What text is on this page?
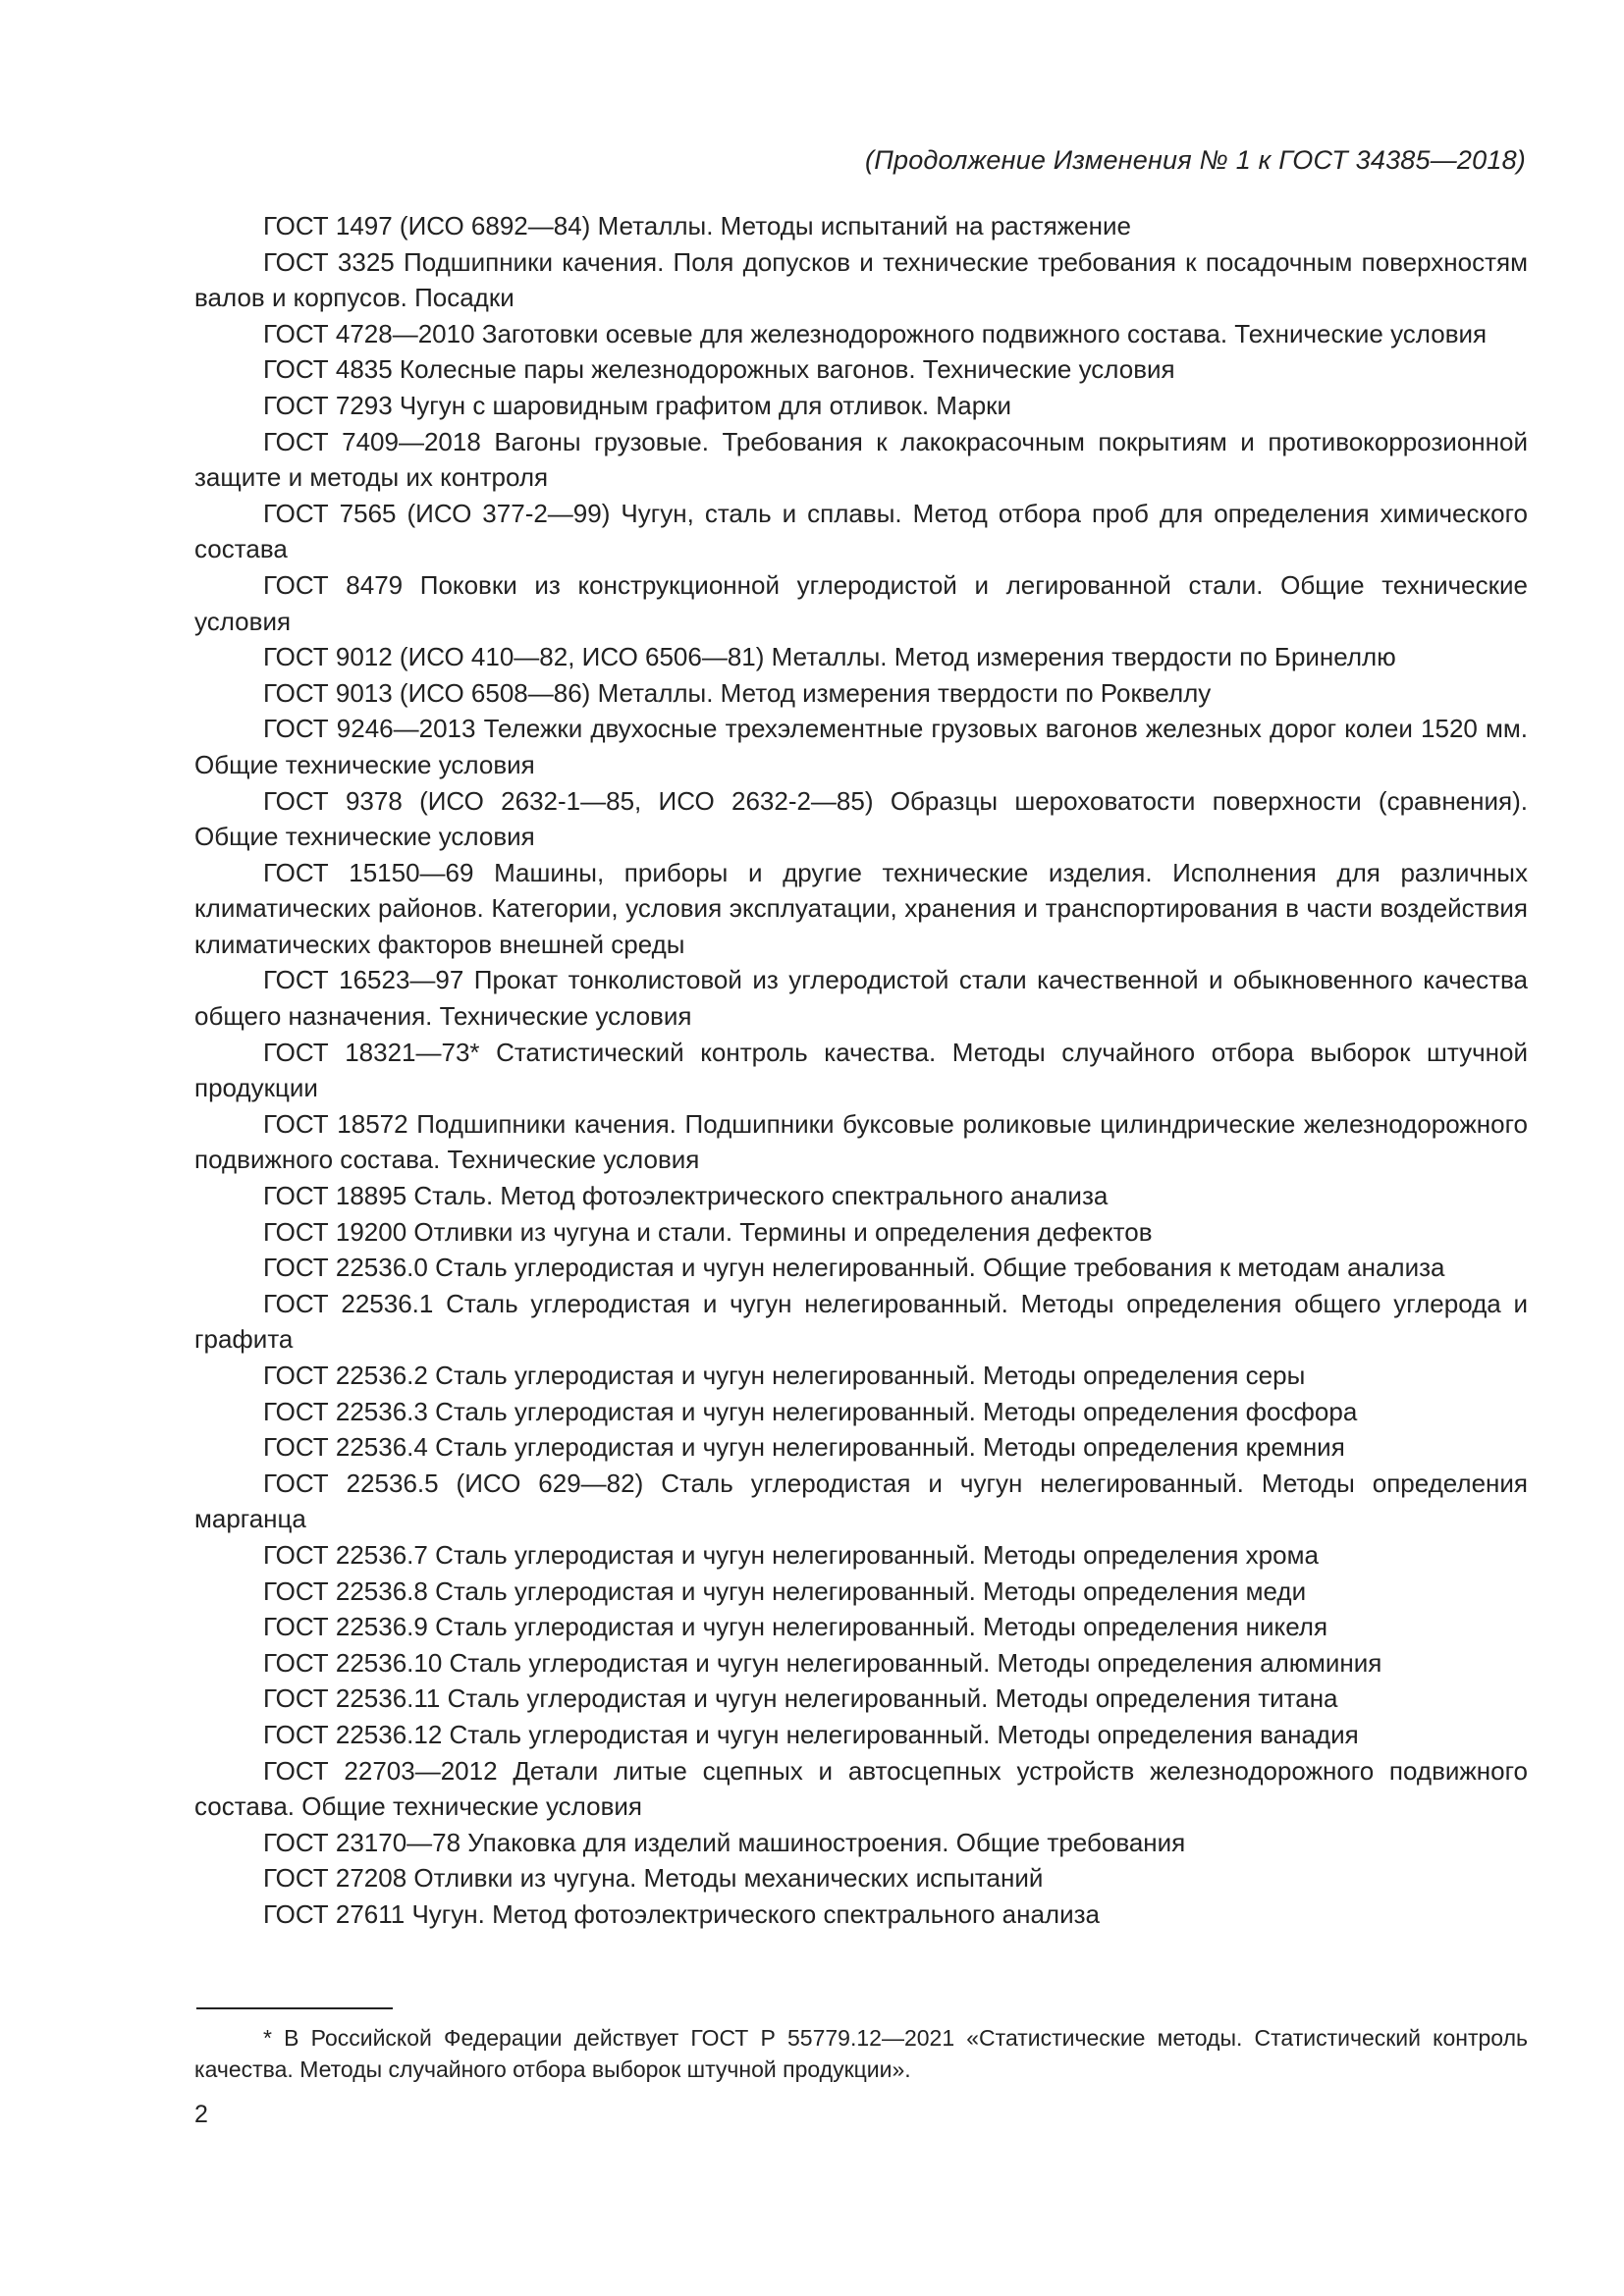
(Продолжение Изменения № 1 к ГОСТ 34385—2018)

ГОСТ 1497 (ИСО 6892—84) Металлы. Методы испытаний на растяжение

ГОСТ 3325 Подшипники качения. Поля допусков и технические требования к посадочным поверхностям валов и корпусов. Посадки

ГОСТ 4728—2010 Заготовки осевые для железнодорожного подвижного состава. Технические условия

ГОСТ 4835 Колесные пары железнодорожных вагонов. Технические условия

ГОСТ 7293 Чугун с шаровидным графитом для отливок. Марки

ГОСТ 7409—2018 Вагоны грузовые. Требования к лакокрасочным покрытиям и противокоррозионной защите и методы их контроля

ГОСТ 7565 (ИСО 377-2—99) Чугун, сталь и сплавы. Метод отбора проб для определения химического состава

ГОСТ 8479 Поковки из конструкционной углеродистой и легированной стали. Общие технические условия

ГОСТ 9012 (ИСО 410—82, ИСО 6506—81) Металлы. Метод измерения твердости по Бринеллю

ГОСТ 9013 (ИСО 6508—86) Металлы. Метод измерения твердости по Роквеллу

ГОСТ 9246—2013 Тележки двухосные трехэлементные грузовых вагонов железных дорог колеи 1520 мм. Общие технические условия

ГОСТ 9378 (ИСО 2632-1—85, ИСО 2632-2—85) Образцы шероховатости поверхности (сравнения). Общие технические условия

ГОСТ 15150—69 Машины, приборы и другие технические изделия. Исполнения для различных климатических районов. Категории, условия эксплуатации, хранения и транспортирования в части воздействия климатических факторов внешней среды

ГОСТ 16523—97 Прокат тонколистовой из углеродистой стали качественной и обыкновенного качества общего назначения. Технические условия

ГОСТ 18321—73* Статистический контроль качества. Методы случайного отбора выборок штучной продукции

ГОСТ 18572 Подшипники качения. Подшипники буксовые роликовые цилиндрические железнодорожного подвижного состава. Технические условия

ГОСТ 18895 Сталь. Метод фотоэлектрического спектрального анализа

ГОСТ 19200 Отливки из чугуна и стали. Термины и определения дефектов

ГОСТ 22536.0 Сталь углеродистая и чугун нелегированный. Общие требования к методам анализа

ГОСТ 22536.1 Сталь углеродистая и чугун нелегированный. Методы определения общего углерода и графита

ГОСТ 22536.2 Сталь углеродистая и чугун нелегированный. Методы определения серы

ГОСТ 22536.3 Сталь углеродистая и чугун нелегированный. Методы определения фосфора

ГОСТ 22536.4 Сталь углеродистая и чугун нелегированный. Методы определения кремния

ГОСТ 22536.5 (ИСО 629—82) Сталь углеродистая и чугун нелегированный. Методы определения марганца

ГОСТ 22536.7 Сталь углеродистая и чугун нелегированный. Методы определения хрома

ГОСТ 22536.8 Сталь углеродистая и чугун нелегированный. Методы определения меди

ГОСТ 22536.9 Сталь углеродистая и чугун нелегированный. Методы определения никеля

ГОСТ 22536.10 Сталь углеродистая и чугун нелегированный. Методы определения алюминия

ГОСТ 22536.11 Сталь углеродистая и чугун нелегированный. Методы определения титана

ГОСТ 22536.12 Сталь углеродистая и чугун нелегированный. Методы определения ванадия

ГОСТ 22703—2012 Детали литые сцепных и автосцепных устройств железнодорожного подвижного состава. Общие технические условия

ГОСТ 23170—78 Упаковка для изделий машиностроения. Общие требования

ГОСТ 27208 Отливки из чугуна. Методы механических испытаний

ГОСТ 27611 Чугун. Метод фотоэлектрического спектрального анализа

* В Российской Федерации действует ГОСТ Р 55779.12—2021 «Статистические методы. Статистический контроль качества. Методы случайного отбора выборок штучной продукции».
2
